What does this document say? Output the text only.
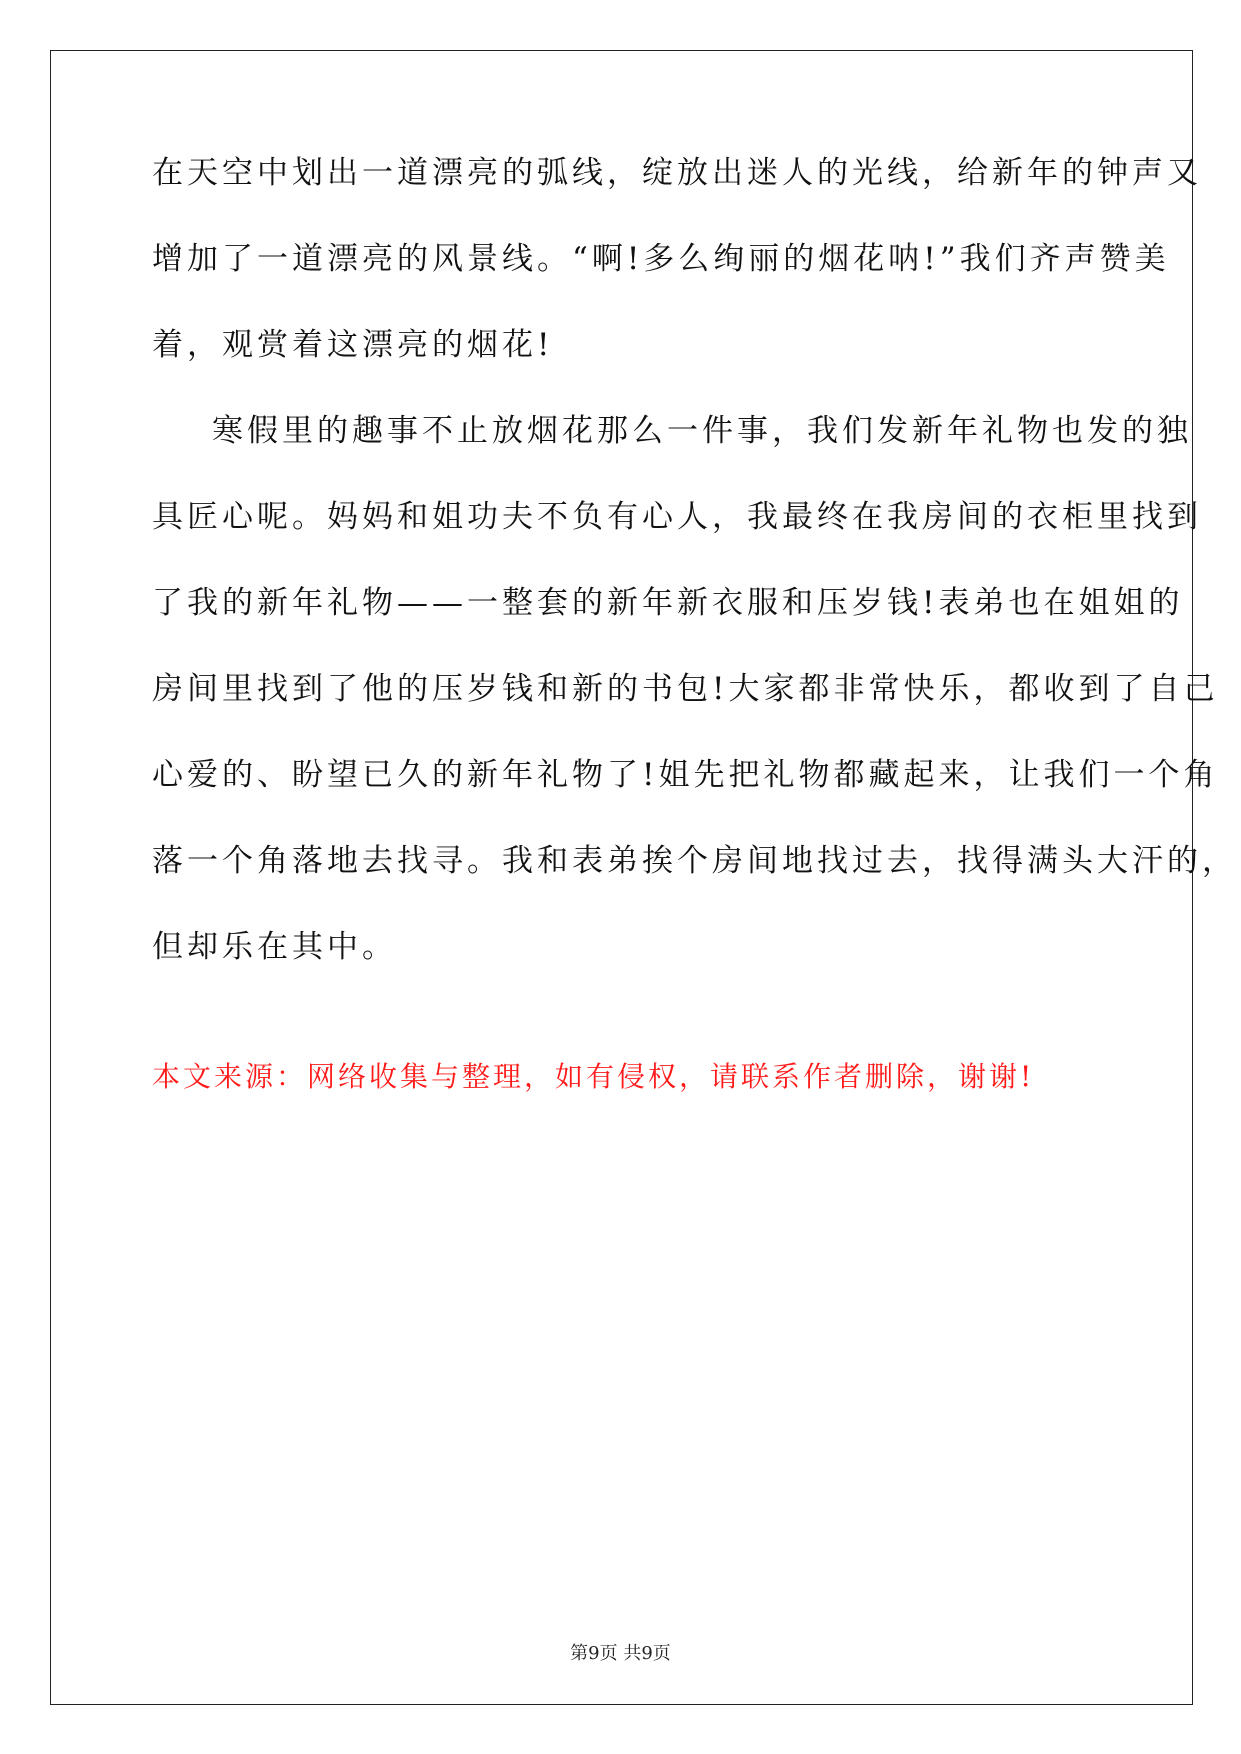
在天空中划出一道漂亮的弧线，绽放出迷人的光线，给新年的钟声又

增加了一道漂亮的风景线。“啊!多么绚丽的烟花呐!”我们齐声赞美

着，观赏着这漂亮的烟花!

寒假里的趣事不止放烟花那么一件事，我们发新年礼物也发的独

具匠心呢。妈妈和姐功夫不负有心人，我最终在我房间的衣柜里找到

了我的新年礼物——一整套的新年新衣服和压岁钱!表弟也在姐姐的

房间里找到了他的压岁钱和新的书包!大家都非常快乐，都收到了自己

心爱的、盼望已久的新年礼物了!姐先把礼物都藏起来，让我们一个角

落一个角落地去找寻。我和表弟挨个房间地找过去，找得满头大汗的，

但却乐在其中。

本文来源：网络收集与整理，如有侵权，请联系作者删除，谢谢!
第9页 共9页
